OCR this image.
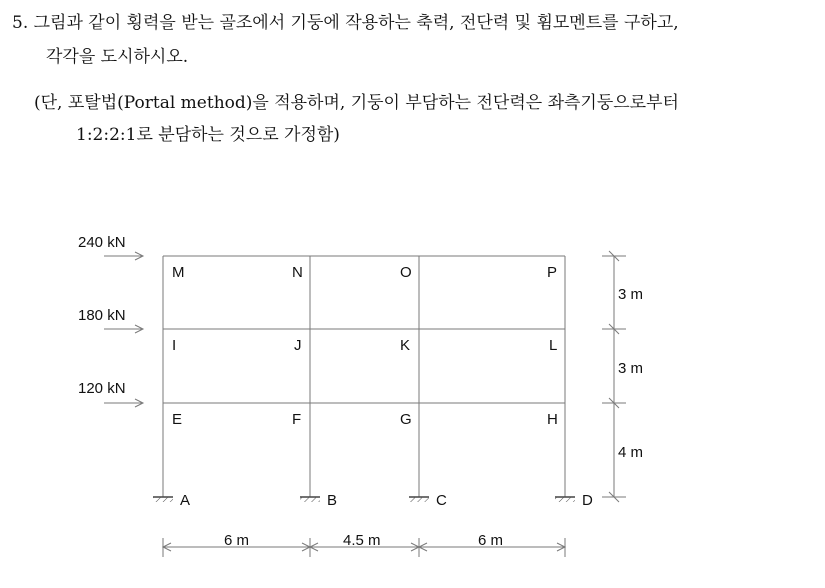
5. 그림과 같이 횡력을 받는 골조에서 기둥에 작용하는 축력, 전단력 및 휨모멘트를 구하고,
각각을 도시하시오.
(단, 포탈법(Portal method)을 적용하며, 기둥이 부담하는 전단력은 좌측기둥으로부터
1:2:2:1로 분담하는 것으로 가정함)
240 kN
180 kN
120 kN
M	N	O	P
I	J	K	L
E	F	G	H
A	B	C	D
3 m
3 m
4 m
6 m	4.5 m	6 m
